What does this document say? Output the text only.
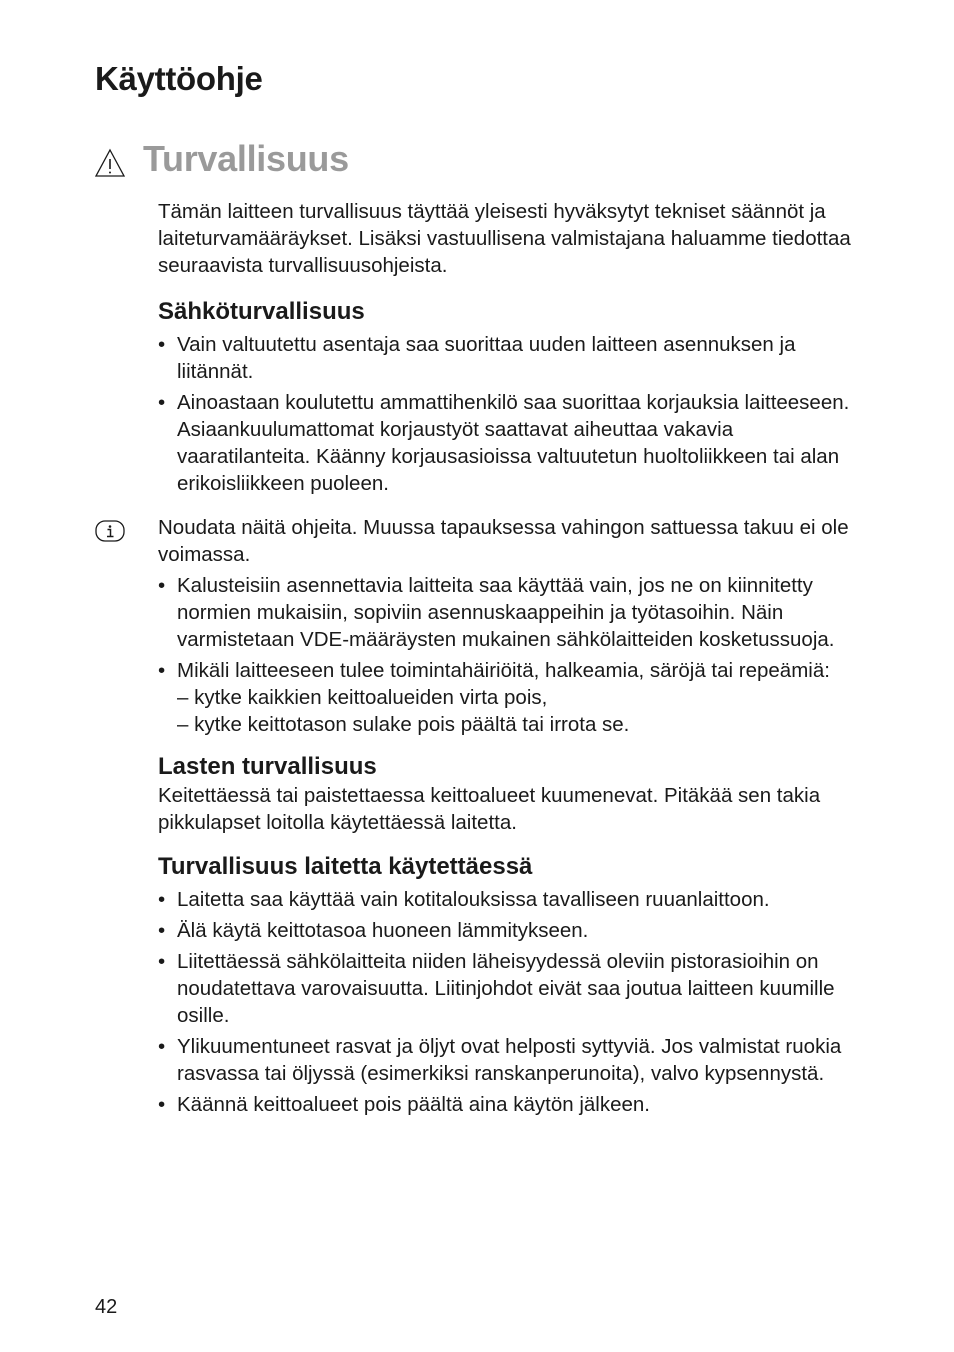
Käyttöohje
Turvallisuus

Tämän laitteen turvallisuus täyttää yleisesti hyväksytyt tekniset säännöt ja laiteturvamääräykset. Lisäksi vastuullisena valmistajana haluamme tiedottaa seuraavista turvallisuusohjeista.

Sähköturvallisuus
• Vain valtuutettu asentaja saa suorittaa uuden laitteen asennuksen ja liitännät.
• Ainoastaan koulutettu ammattihenkilö saa suorittaa korjauksia laitteeseen. Asiaankuulumattomat korjaustyöt saattavat aiheuttaa vakavia vaaratilanteita. Käänny korjausasioissa valtuutetun huoltoliikkeen tai alan erikoisliikkeen puoleen.

Noudata näitä ohjeita. Muussa tapauksessa vahingon sattuessa takuu ei ole voimassa.

• Kalusteisiin asennettavia laitteita saa käyttää vain, jos ne on kiinnitetty normien mukaisiin, sopiviin asennuskaappeihin ja työtasoihin. Näin varmistetaan VDE-määräysten mukainen sähkölaitteiden kosketussuoja.
• Mikäli laitteeseen tulee toimintahäiriöitä, halkeamia, säröjä tai repeämiä:
– kytke kaikkien keittoalueiden virta pois,
– kytke keittotason sulake pois päältä tai irrota se.
Lasten turvallisuus

Keitettäessä tai paistettaessa keittoalueet kuumenevat. Pitäkää sen takia pikkulapset loitolla käytettäessä laitetta.

Turvallisuus laitetta käytettäessä
• Laitetta saa käyttää vain kotitalouksissa tavalliseen ruuanlaittoon.
• Älä käytä keittotasoa huoneen lämmitykseen.
• Liitettäessä sähkölaitteita niiden läheisyydessä oleviin pistorasioihin on noudatettava varovaisuutta. Liitinjohdot eivät saa joutua laitteen kuumille osille.
• Ylikuumentuneet rasvat ja öljyt ovat helposti syttyviä. Jos valmistat ruokia rasvassa tai öljyssä (esimerkiksi ranskanperunoita), valvo kypsennystä.
• Käännä keittoalueet pois päältä aina käytön jälkeen.
42
